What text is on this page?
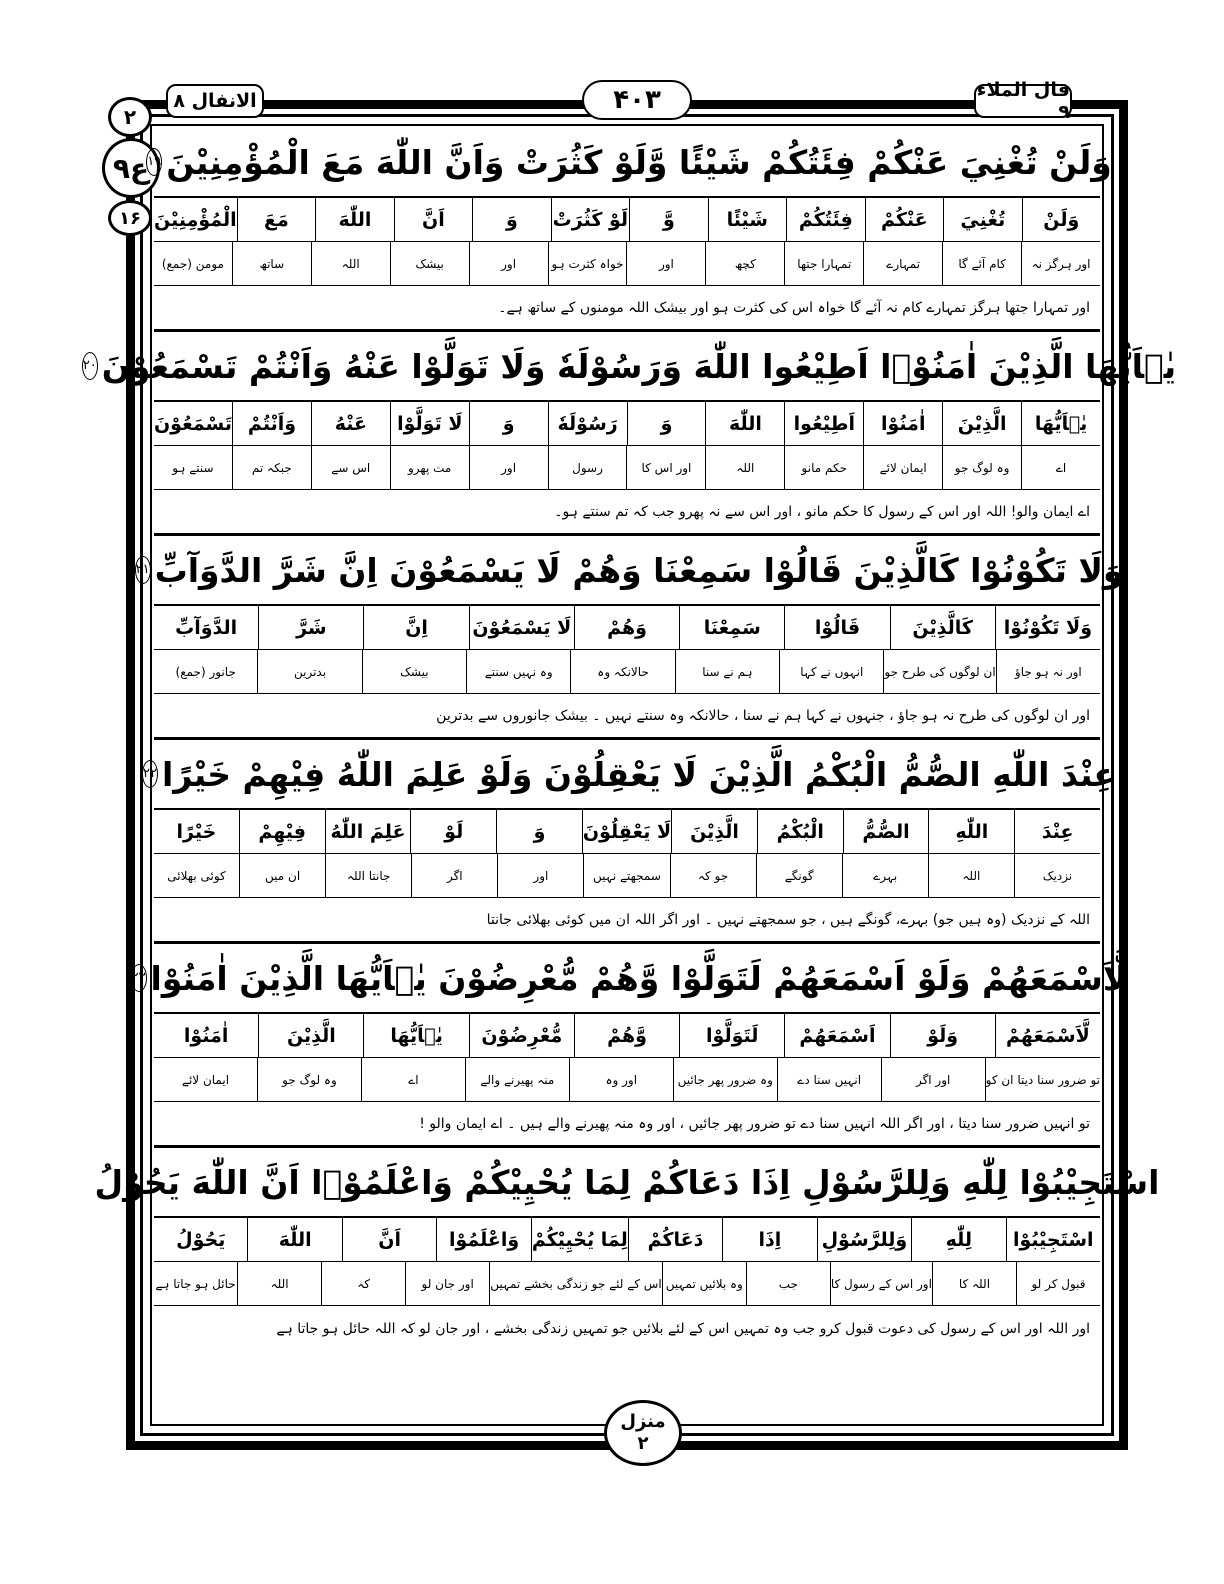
الانفال ۸	۴۰۳	قال الملاء ۹
۲
ع۹
۱۶
وَلَنْ تُغْنِيَ عَنْكُمْ فِئَتُكُمْ شَيْئًا وَّلَوْ كَثُرَتْ وَاَنَّ اللّٰهَ مَعَ الْمُؤْمِنِيْنَ
۱۹
وَلَنْ
تُغْنِيَ
عَنْكُمْ
فِئَتُكُمْ
شَيْئًا
وَّ
لَوْ كَثُرَتْ
وَ
اَنَّ
اللّٰهَ
مَعَ
الْمُؤْمِنِيْنَ
اور ہرگز نہ
کام آئے گا
تمہارے
تمہارا جتھا
کچھ
اور
خواہ کثرت ہو
اور
بیشک
اللہ
ساتھ
مومن (جمع)
اور تمہارا جتھا ہرگز تمہارے کام نہ آئے گا خواہ اس کی کثرت ہو اور بیشک اللہ مومنوں کے ساتھ ہے۔
يٰۤاَيُّهَا الَّذِيْنَ اٰمَنُوْۤا اَطِيْعُوا اللّٰهَ وَرَسُوْلَهٗ وَلَا تَوَلَّوْا عَنْهُ وَاَنْتُمْ تَسْمَعُوْنَ
۲۰
يٰۤاَيُّهَا
الَّذِيْنَ
اٰمَنُوْا
اَطِيْعُوا
اللّٰهَ
وَ
رَسُوْلَهٗ
وَ
لَا تَوَلَّوْا
عَنْهُ
وَاَنْتُمْ
تَسْمَعُوْنَ
اے
وہ لوگ جو
ایمان لائے
حکم مانو
اللہ
اور اس کا
رسول
اور
مت پھرو
اس سے
جبکہ تم
سنتے ہو
اے ایمان والو! اللہ اور اس کے رسول کا حکم مانو ، اور اس سے نہ پھرو جب کہ تم سنتے ہو۔
وَلَا تَكُوْنُوْا كَالَّذِيْنَ قَالُوْا سَمِعْنَا وَهُمْ لَا يَسْمَعُوْنَ اِنَّ شَرَّ الدَّوَآبِّ
۲۱
وَلَا تَكُوْنُوْا
كَالَّذِيْنَ
قَالُوْا
سَمِعْنَا
وَهُمْ
لَا يَسْمَعُوْنَ
اِنَّ
شَرَّ
الدَّوَآبِّ
اور نہ ہو جاؤ
ان لوگوں کی طرح جو
انہوں نے کہا
ہم نے سنا
حالانکہ وہ
وہ نہیں سنتے
بیشک
بدترین
جانور (جمع)
اور ان لوگوں کی طرح نہ ہو جاؤ ، جنہوں نے کہا ہم نے سنا ، حالانکہ وہ سنتے نہیں ۔ بیشک جانوروں سے بدترین
عِنْدَ اللّٰهِ الصُّمُّ الْبُكْمُ الَّذِيْنَ لَا يَعْقِلُوْنَ وَلَوْ عَلِمَ اللّٰهُ فِيْهِمْ خَيْرًا
۲۲
عِنْدَ
اللّٰهِ
الصُّمُّ
الْبُكْمُ
الَّذِيْنَ
لَا يَعْقِلُوْنَ
وَ
لَوْ
عَلِمَ اللّٰهُ
فِيْهِمْ
خَيْرًا
نزدیک
اللہ
بہرے
گونگے
جو کہ
سمجھتے نہیں
اور
اگر
جانتا اللہ
ان میں
کوئی بھلائی
اللہ کے نزدیک (وہ ہیں جو) بہرے، گونگے ہیں ، جو سمجھتے نہیں ۔ اور اگر اللہ ان میں کوئی بھلائی جانتا
لَّاَسْمَعَهُمْ وَلَوْ اَسْمَعَهُمْ لَتَوَلَّوْا وَّهُمْ مُّعْرِضُوْنَ يٰۤاَيُّهَا الَّذِيْنَ اٰمَنُوْا
۲۳
لَّاَسْمَعَهُمْ
وَلَوْ
اَسْمَعَهُمْ
لَتَوَلَّوْا
وَّهُمْ
مُّعْرِضُوْنَ
يٰۤاَيُّهَا
الَّذِيْنَ
اٰمَنُوْا
تو ضرور سنا دیتا ان کو
اور اگر
انہیں سنا دے
وہ ضرور پھر جائیں
اور وہ
منہ پھیرنے والے
اے
وہ لوگ جو
ایمان لائے
تو انہیں ضرور سنا دیتا ، اور اگر اللہ انہیں سنا دے تو ضرور پھر جائیں ، اور وہ منہ پھیرنے والے ہیں ۔ اے ایمان والو !
اسْتَجِيْبُوْا لِلّٰهِ وَلِلرَّسُوْلِ اِذَا دَعَاكُمْ لِمَا يُحْيِيْكُمْ وَاعْلَمُوْۤا اَنَّ اللّٰهَ يَحُوْلُ
اسْتَجِيْبُوْا
لِلّٰهِ
وَلِلرَّسُوْلِ
اِذَا
دَعَاكُمْ
لِمَا يُحْيِيْكُمْ
وَاعْلَمُوْا
اَنَّ
اللّٰهَ
يَحُوْلُ
قبول کر لو
اللہ کا
اور اس کے رسول کا
جب
وہ بلائیں تمہیں
اس کے لئے جو زندگی بخشے تمہیں
اور جان لو
کہ
اللہ
حائل ہو جاتا ہے
اور اللہ اور اس کے رسول کی دعوت قبول کرو جب وہ تمہیں اس کے لئے بلائیں جو تمہیں زندگی بخشے ، اور جان لو کہ اللہ حائل ہو جاتا ہے
منزل
۲
